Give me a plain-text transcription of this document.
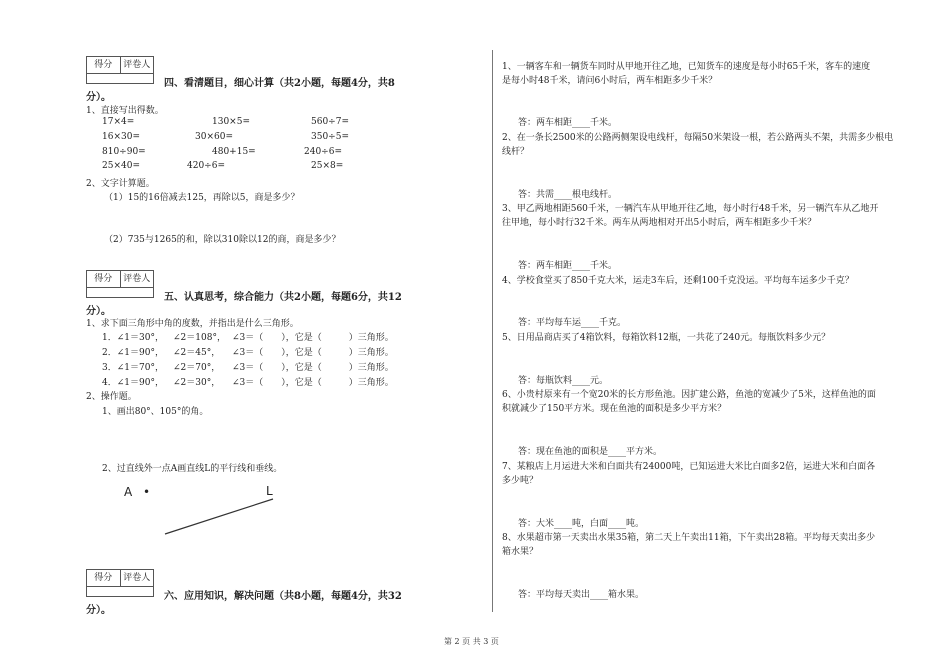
得分	评卷人
四、看清题目，细心计算（共2小题，每题4分，共8
分）。
1、直接写出得数。
17×4=	130×5=	560÷7=
16×30=	30×60=	350÷5=
810÷90=	480+15=	240÷6=
25×40=	420÷6=	25×8=
2、文字计算题。
（1）15的16倍减去125，再除以5，商是多少？
（2）735与1265的和，除以310除以12的商，商是多少？
得分	评卷人
五、认真思考，综合能力（共2小题，每题6分，共12
分）。
1、求下面三角形中角的度数，并指出是什么三角形。
1．∠1＝30°， ∠2＝108°， ∠3＝（　　），它是（　　　）三角形。
2．∠1＝90°， ∠2＝45°， ∠3＝（　　），它是（　　　）三角形。
3．∠1＝70°， ∠2＝70°， ∠3＝（　　），它是（　　　）三角形。
4．∠1＝90°， ∠2＝30°， ∠3＝（　　），它是（　　　）三角形。
2、操作题。
1、画出80°、105°的角。
2、过直线外一点A画直线L的平行线和垂线。
A •	L
得分	评卷人
六、应用知识，解决问题（共8小题，每题4分，共32
分）。
1、一辆客车和一辆货车同时从甲地开往乙地，已知货车的速度是每小时65千米，客车的速度
是每小时48千米，请问6小时后，两车相距多少千米？
答：两车相距____千米。
2、在一条长2500米的公路两侧架设电线杆，每隔50米架设一根，若公路两头不架，共需多少根电
线杆？
答：共需____根电线杆。
3、甲乙两地相距560千米，一辆汽车从甲地开往乙地，每小时行48千米，另一辆汽车从乙地开
往甲地，每小时行32千米。两车从两地相对开出5小时后，两车相距多少千米？
答：两车相距____千米。
4、学校食堂买了850千克大米，运走3车后，还剩100千克没运。平均每车运多少千克？
答：平均每车运____千克。
5、日用品商店买了4箱饮料，每箱饮料12瓶，一共花了240元。每瓶饮料多少元？
答：每瓶饮料____元。
6、小贵村原来有一个宽20米的长方形鱼池。因扩建公路，鱼池的宽减少了5米，这样鱼池的面
积就减少了150平方米。现在鱼池的面积是多少平方米？
答：现在鱼池的面积是____平方米。
7、某粮店上月运进大米和白面共有24000吨，已知运进大米比白面多2倍，运进大米和白面各
多少吨？
答：大米____吨，白面____吨。
8、水果超市第一天卖出水果35箱，第二天上午卖出11箱，下午卖出28箱。平均每天卖出多少
箱水果？
答：平均每天卖出____箱水果。
第 2 页 共 3 页
